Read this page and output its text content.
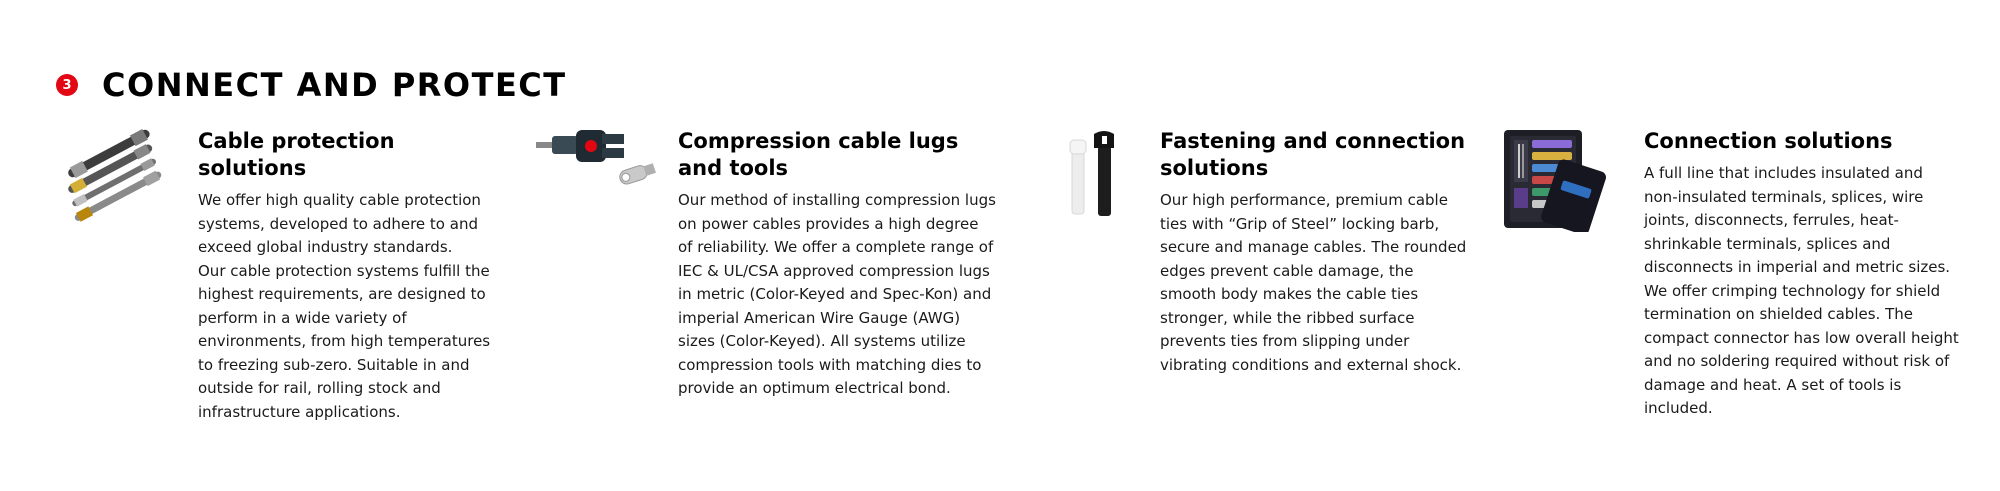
3 CONNECT AND PROTECT
Cable protection solutions

We offer high quality cable protection systems, developed to adhere to and exceed global industry standards.
Our cable protection systems fulfill the highest requirements, are designed to perform in a wide variety of environments, from high temperatures to freezing sub-zero. Suitable in and outside for rail, rolling stock and infrastructure applications.

Compression cable lugs
and tools

Our method of installing compression lugs on power cables provides a high degree of reliability. We offer a complete range of IEC & UL/CSA approved compression lugs in metric (Color-Keyed and Spec-Kon) and imperial American Wire Gauge (AWG) sizes (Color-Keyed). All systems utilize compression tools with matching dies to provide an optimum electrical bond.

Fastening and connection
solutions

Our high performance, premium cable ties with “Grip of Steel” locking barb, secure and manage cables. The rounded edges prevent cable damage, the smooth body makes the cable ties stronger, while the ribbed surface prevents ties from slipping under vibrating conditions and external shock.

Connection solutions

A full line that includes insulated and non-insulated terminals, splices, wire joints, disconnects, ferrules, heat-shrinkable terminals, splices and disconnects in imperial and metric sizes. We offer crimping technology for shield termination on shielded cables. The compact connector has low overall height and no soldering required without risk of damage and heat. A set of tools is included.
